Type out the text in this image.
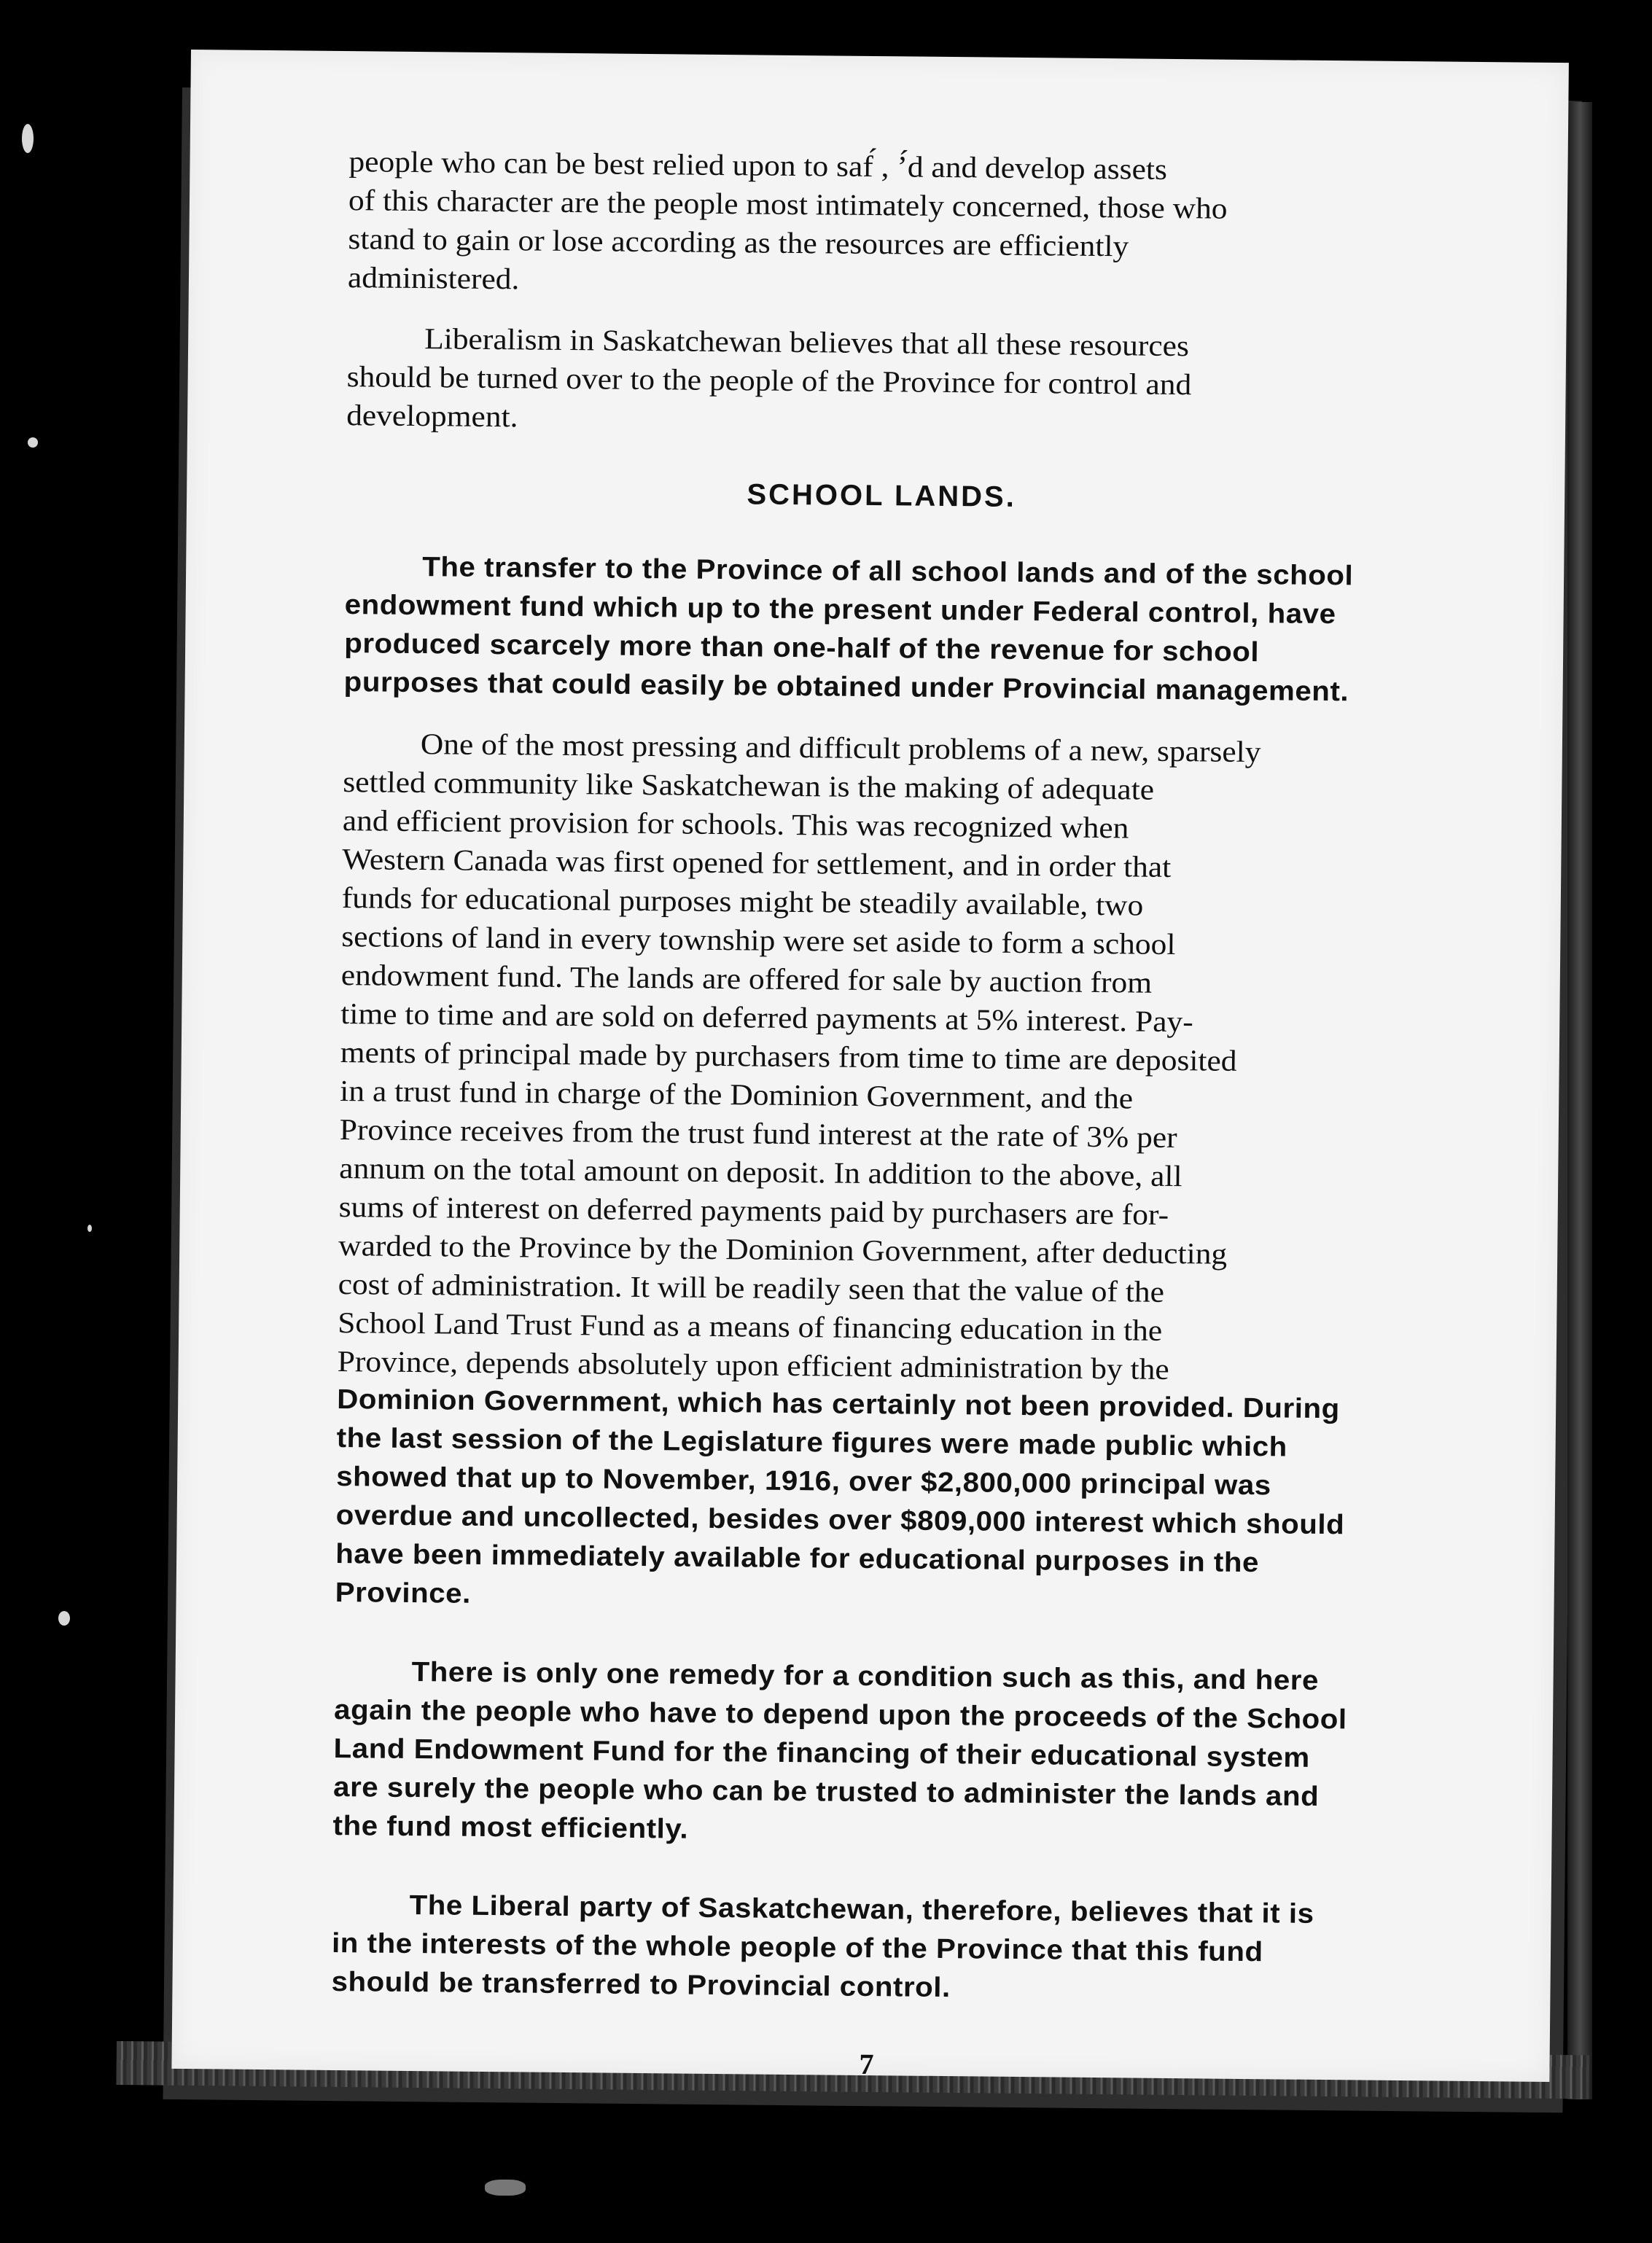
people who can be best relied upon to saf́ , ’́d and develop assets
of this character are the people most intimately concerned, those who
stand to gain or lose according as the resources are efficiently
administered.

Liberalism in Saskatchewan believes that all these resources
should be turned over to the people of the Province for control and
development.

SCHOOL LANDS.

The transfer to the Province of all school lands and of the school
endowment fund which up to the present under Federal control, have
produced scarcely more than one-half of the revenue for school
purposes that could easily be obtained under Provincial management.

One of the most pressing and difficult problems of a new, sparsely
settled community like Saskatchewan is the making of adequate
and efficient provision for schools. This was recognized when
Western Canada was first opened for settlement, and in order that
funds for educational purposes might be steadily available, two
sections of land in every township were set aside to form a school
endowment fund. The lands are offered for sale by auction from
time to time and are sold on deferred payments at 5% interest. Pay-
ments of principal made by purchasers from time to time are deposited
in a trust fund in charge of the Dominion Government, and the
Province receives from the trust fund interest at the rate of 3% per
annum on the total amount on deposit. In addition to the above, all
sums of interest on deferred payments paid by purchasers are for-
warded to the Province by the Dominion Government, after deducting
cost of administration. It will be readily seen that the value of the
School Land Trust Fund as a means of financing education in the
Province, depends absolutely upon efficient administration by the

Dominion Government, which has certainly not been provided. During
the last session of the Legislature figures were made public which
showed that up to November, 1916, over $2,800,000 principal was
overdue and uncollected, besides over $809,000 interest which should
have been immediately available for educational purposes in the
Province.

There is only one remedy for a condition such as this, and here
again the people who have to depend upon the proceeds of the School
Land Endowment Fund for the financing of their educational system
are surely the people who can be trusted to administer the lands and
the fund most efficiently.

The Liberal party of Saskatchewan, therefore, believes that it is
in the interests of the whole people of the Province that this fund
should be transferred to Provincial control.

7
